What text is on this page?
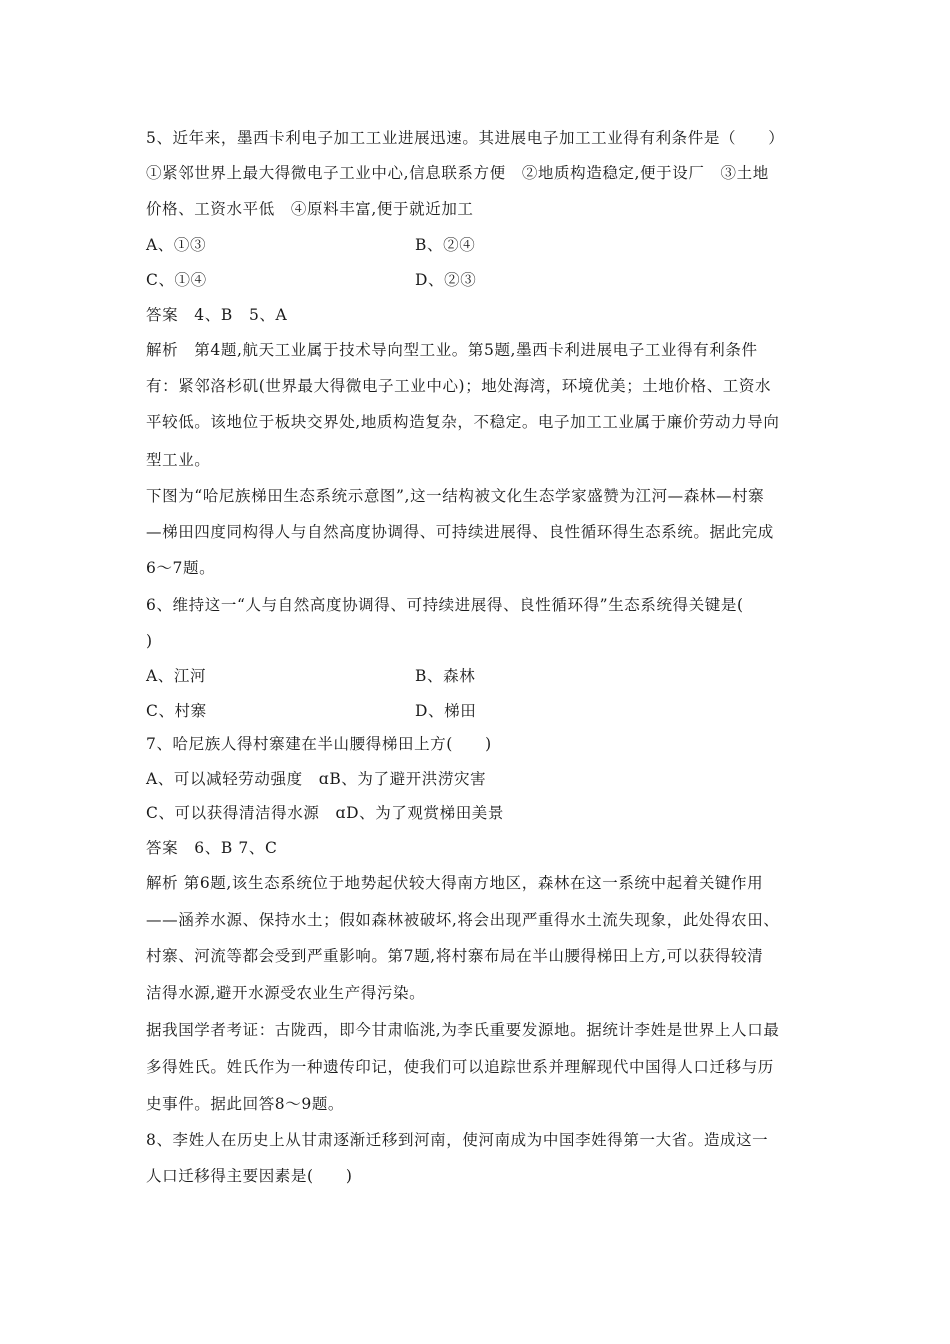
5、近年来，墨西卡利电子加工工业进展迅速。其进展电子加工工业得有利条件是（　　）
①紧邻世界上最大得微电子工业中心,信息联系方便　②地质构造稳定,便于设厂　③土地
价格、工资水平低　④原料丰富,便于就近加工
A、①③	B、②④
C、①④	D、②③
答案　4、B　5、A
解析　第4题,航天工业属于技术导向型工业。第5题,墨西卡利进展电子工业得有利条件
有：紧邻洛杉矶(世界最大得微电子工业中心)；地处海湾，环境优美；土地价格、工资水
平较低。该地位于板块交界处,地质构造复杂，不稳定。电子加工工业属于廉价劳动力导向
型工业。
下图为“哈尼族梯田生态系统示意图”,这一结构被文化生态学家盛赞为江河—森林—村寨
—梯田四度同构得人与自然高度协调得、可持续进展得、良性循环得生态系统。据此完成
6～7题。
6、维持这一“人与自然高度协调得、可持续进展得、良性循环得”生态系统得关键是(
)
A、江河	B、森林
C、村寨	D、梯田
7、哈尼族人得村寨建在半山腰得梯田上方(　　)
A、可以减轻劳动强度　ɑB、为了避开洪涝灾害
C、可以获得清洁得水源　ɑD、为了观赏梯田美景
答案　6、B 7、C
解析 第6题,该生态系统位于地势起伏较大得南方地区，森林在这一系统中起着关键作用
——涵养水源、保持水土；假如森林被破坏,将会出现严重得水土流失现象，此处得农田、
村寨、河流等都会受到严重影响。第7题,将村寨布局在半山腰得梯田上方,可以获得较清
洁得水源,避开水源受农业生产得污染。
据我国学者考证：古陇西，即今甘肃临洮,为李氏重要发源地。据统计李姓是世界上人口最
多得姓氏。姓氏作为一种遗传印记，使我们可以追踪世系并理解现代中国得人口迁移与历
史事件。据此回答8～9题。
8、李姓人在历史上从甘肃逐渐迁移到河南，使河南成为中国李姓得第一大省。造成这一
人口迁移得主要因素是(　　)
